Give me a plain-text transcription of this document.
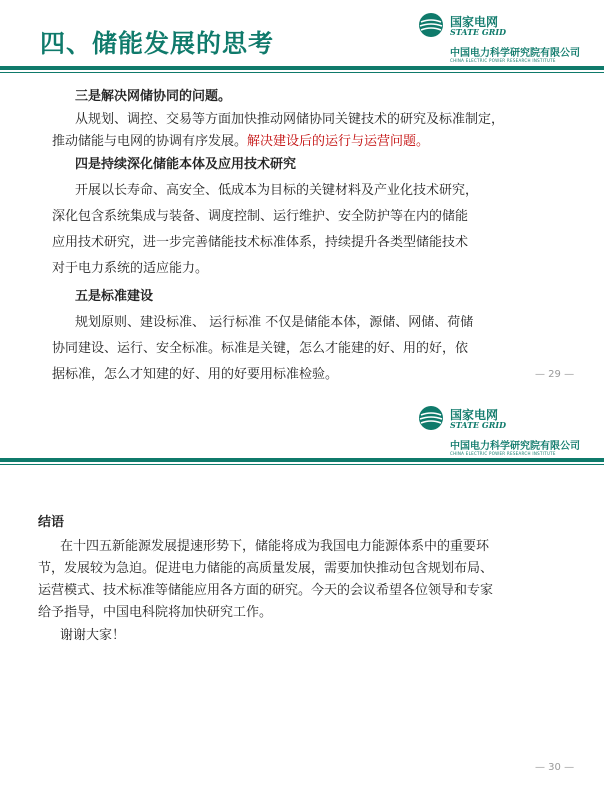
四、储能发展的思考
国家电网
STATE GRID
中国电力科学研究院有限公司
CHINA ELECTRIC POWER RESEARCH INSTITUTE
三是解决网储协同的问题。
从规划、调控、交易等方面加快推动网储协同关键技术的研究及标准制定，
推动储能与电网的协调有序发展。解决建设后的运行与运营问题。
四是持续深化储能本体及应用技术研究
开展以长寿命、高安全、低成本为目标的关键材料及产业化技术研究，
深化包含系统集成与装备、调度控制、运行维护、安全防护等在内的储能
应用技术研究，进一步完善储能技术标准体系，持续提升各类型储能技术
对于电力系统的适应能力。
五是标准建设
规划原则、建设标准、 运行标准 不仅是储能本体，源储、网储、荷储
协同建设、运行、安全标准。标准是关键，怎么才能建的好、用的好，依
据标准，怎么才知建的好、用的好要用标准检验。	— 29 —
国家电网
STATE GRID
中国电力科学研究院有限公司
CHINA ELECTRIC POWER RESEARCH INSTITUTE
结语
在十四五新能源发展提速形势下，储能将成为我国电力能源体系中的重要环
节，发展较为急迫。促进电力储能的高质量发展，需要加快推动包含规划布局、
运营模式、技术标准等储能应用各方面的研究。今天的会议希望各位领导和专家
给予指导，中国电科院将加快研究工作。
谢谢大家！
— 30 —
